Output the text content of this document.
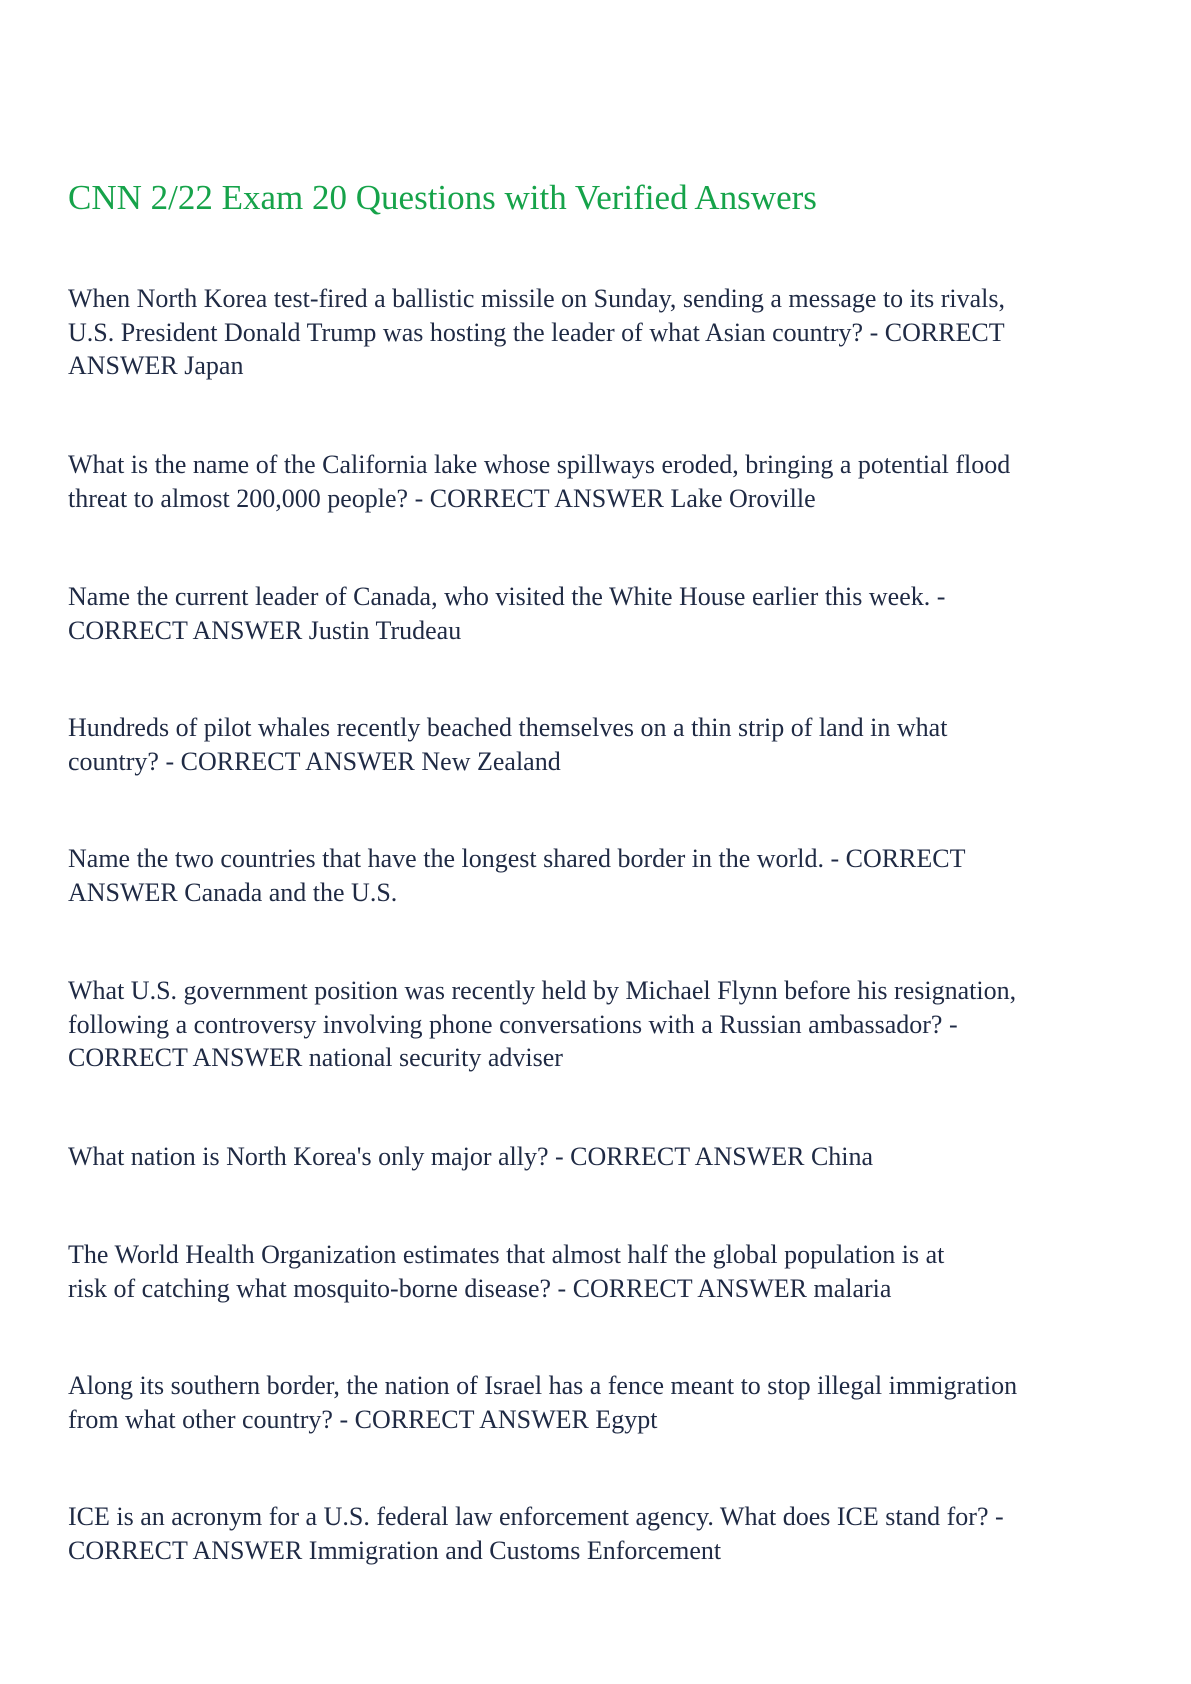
CNN 2/22 Exam 20 Questions with Verified Answers
When North Korea test-fired a ballistic missile on Sunday, sending a message to its rivals,
U.S. President Donald Trump was hosting the leader of what Asian country? - CORRECT
ANSWER Japan
What is the name of the California lake whose spillways eroded, bringing a potential flood
threat to almost 200,000 people? - CORRECT ANSWER Lake Oroville
Name the current leader of Canada, who visited the White House earlier this week. -
CORRECT ANSWER Justin Trudeau
Hundreds of pilot whales recently beached themselves on a thin strip of land in what
country? - CORRECT ANSWER New Zealand
Name the two countries that have the longest shared border in the world. - CORRECT
ANSWER Canada and the U.S.
What U.S. government position was recently held by Michael Flynn before his resignation,
following a controversy involving phone conversations with a Russian ambassador? -
CORRECT ANSWER national security adviser
What nation is North Korea's only major ally? - CORRECT ANSWER China
The World Health Organization estimates that almost half the global population is at
risk of catching what mosquito-borne disease? - CORRECT ANSWER malaria
Along its southern border, the nation of Israel has a fence meant to stop illegal immigration
from what other country? - CORRECT ANSWER Egypt
ICE is an acronym for a U.S. federal law enforcement agency. What does ICE stand for? -
CORRECT ANSWER Immigration and Customs Enforcement
